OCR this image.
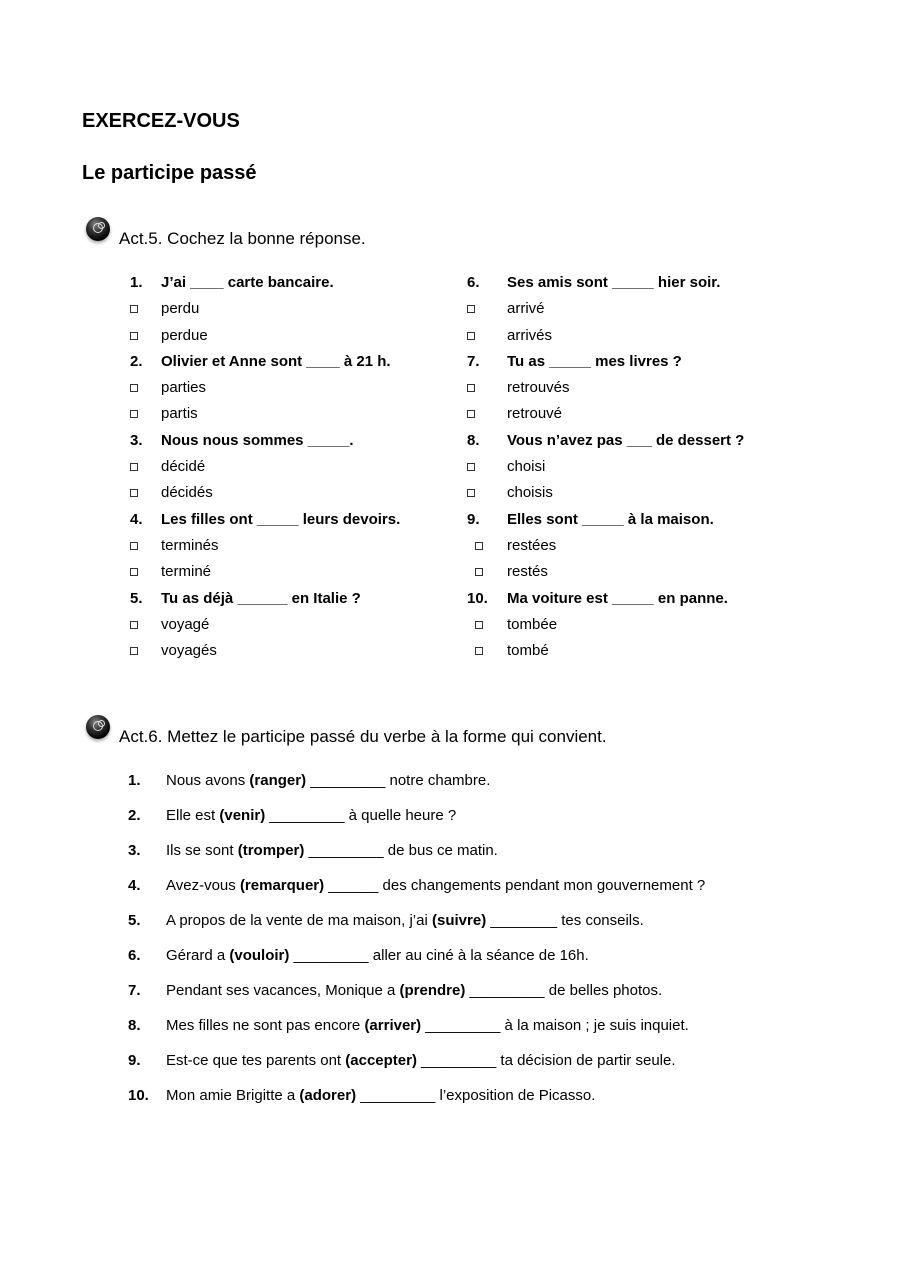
EXERCEZ-VOUS
Le participe passé
Act.5. Cochez la bonne réponse.
1. J’ai ____ carte bancaire.
perdu
perdue
2. Olivier et Anne sont ____ à 21 h.
parties
partis
3. Nous nous sommes _____.
décidé
décidés
4. Les filles ont _____ leurs devoirs.
terminés
terminé
5. Tu as déjà ______ en Italie ?
voyagé
voyagés
6. Ses amis sont _____ hier soir.
arrivé
arrivés
7. Tu as _____ mes livres ?
retrouvés
retrouvé
8. Vous n’avez pas ___ de dessert ?
choisi
choisis
9. Elles sont _____ à la maison.
restées
restés
10. Ma voiture est _____ en panne.
tombée
tombé
Act.6. Mettez le participe passé du verbe à la forme qui convient.
1. Nous avons (ranger) _________ notre chambre.
2. Elle est (venir) _________ à quelle heure ?
3. Ils se sont (tromper) _________ de bus ce matin.
4. Avez-vous (remarquer) ______ des changements pendant mon gouvernement ?
5. A propos de la vente de ma maison, j’ai (suivre) ________ tes conseils.
6. Gérard a (vouloir) _________ aller au ciné à la séance de 16h.
7. Pendant ses vacances, Monique a (prendre) _________ de belles photos.
8. Mes filles ne sont pas encore (arriver) _________ à la maison ; je suis inquiet.
9. Est-ce que tes parents ont (accepter) _________ ta décision de partir seule.
10. Mon amie Brigitte a (adorer) _________ l’exposition de Picasso.
